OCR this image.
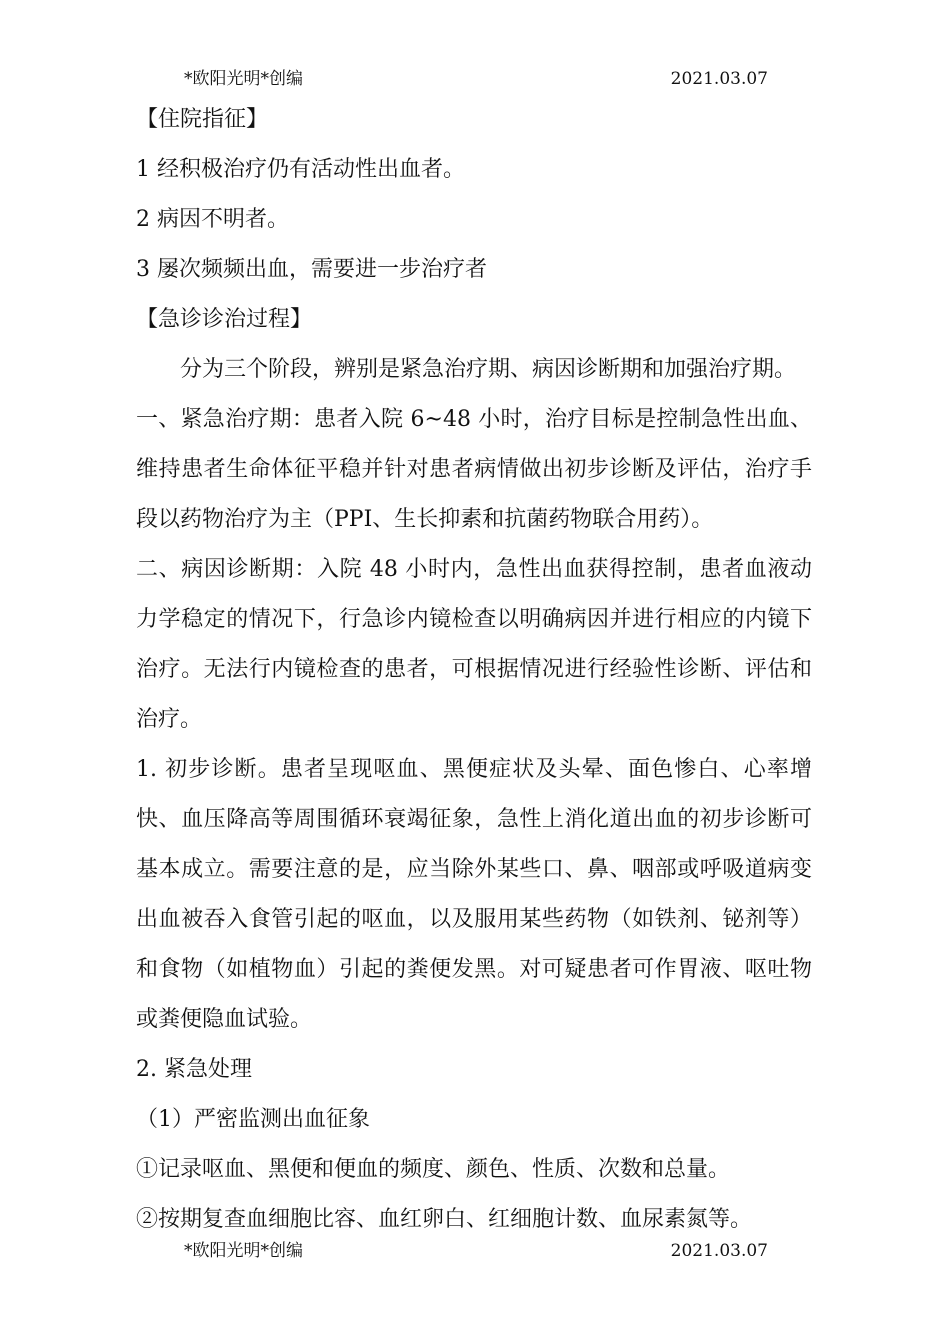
*欧阳光明*创编	2021.03.07

【住院指征】

1 经积极治疗仍有活动性出血者。

2 病因不明者。

3 屡次频频出血，需要进一步治疗者

【急诊诊治过程】

分为三个阶段，辨别是紧急治疗期、病因诊断期和加强治疗期。

一、紧急治疗期：患者入院 6~48 小时，治疗目标是控制急性出血、维持患者生命体征平稳并针对患者病情做出初步诊断及评估，治疗手段以药物治疗为主（PPI、生长抑素和抗菌药物联合用药）。

二、病因诊断期：入院 48 小时内，急性出血获得控制，患者血液动力学稳定的情况下，行急诊内镜检查以明确病因并进行相应的内镜下治疗。无法行内镜检查的患者，可根据情况进行经验性诊断、评估和治疗。

1. 初步诊断。患者呈现呕血、黑便症状及头晕、面色惨白、心率增快、血压降高等周围循环衰竭征象，急性上消化道出血的初步诊断可基本成立。需要注意的是，应当除外某些口、鼻、咽部或呼吸道病变出血被吞入食管引起的呕血，以及服用某些药物（如铁剂、铋剂等）和食物（如植物血）引起的粪便发黑。对可疑患者可作胃液、呕吐物或粪便隐血试验。

2. 紧急处理

（1）严密监测出血征象

①记录呕血、黑便和便血的频度、颜色、性质、次数和总量。

②按期复查血细胞比容、血红卵白、红细胞计数、血尿素氮等。

*欧阳光明*创编	2021.03.07
